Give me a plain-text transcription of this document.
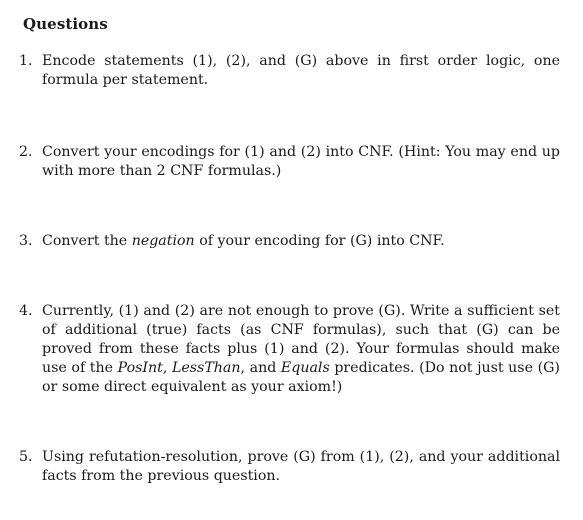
Questions
1. Encode statements (1), (2), and (G) above in first order logic, one formula per statement.
2. Convert your encodings for (1) and (2) into CNF. (Hint: You may end up with more than 2 CNF formulas.)
3. Convert the negation of your encoding for (G) into CNF.
4. Currently, (1) and (2) are not enough to prove (G). Write a sufficient set of additional (true) facts (as CNF formulas), such that (G) can be proved from these facts plus (1) and (2). Your formulas should make use of the PosInt, LessThan, and Equals predicates. (Do not just use (G) or some direct equivalent as your axiom!)
5. Using refutation-resolution, prove (G) from (1), (2), and your additional facts from the previous question.
